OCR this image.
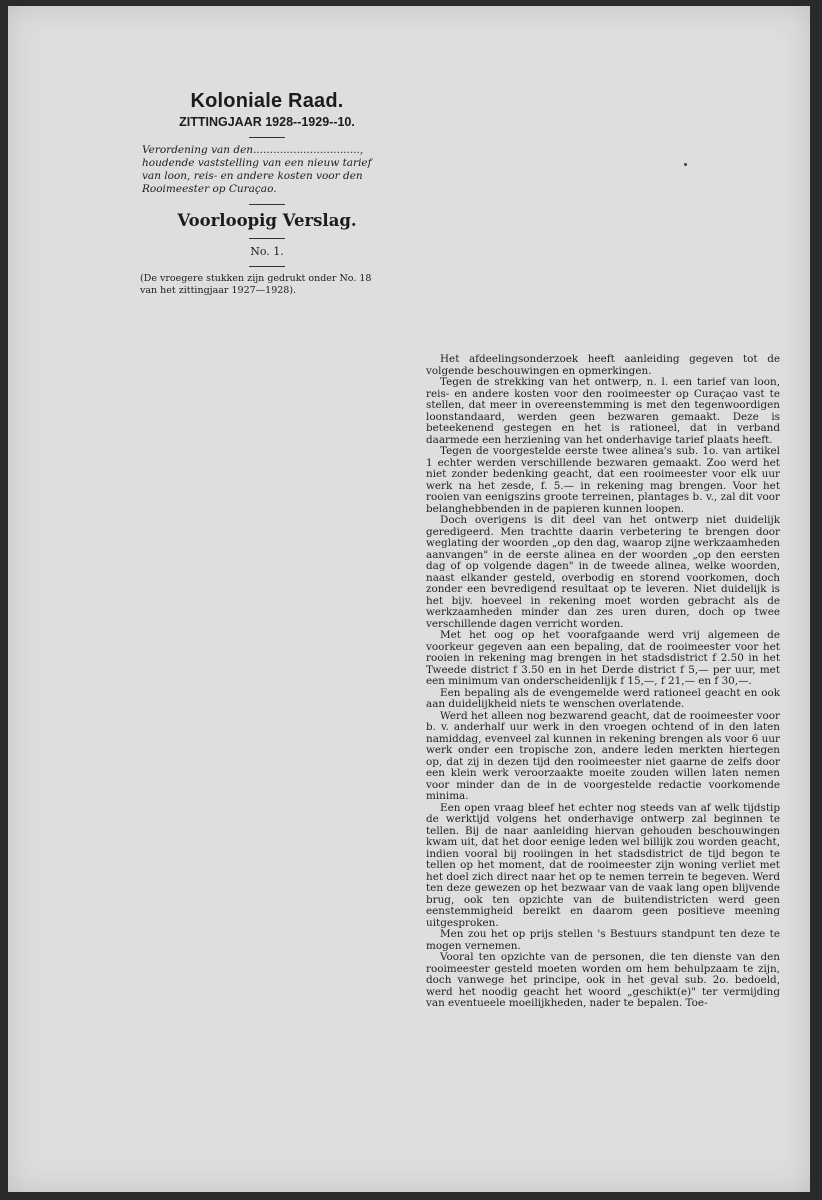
Koloniale Raad.
ZITTINGJAAR 1928--1929--10.
Verordening van den................................, houdende vaststelling van een nieuw tarief van loon, reis- en andere kosten voor den Rooimeester op Curaçao.
Voorloopig Verslag.
No. 1.
(De vroegere stukken zijn gedrukt onder No. 18 van het zittingjaar 1927—1928).

Het afdeelingsonderzoek heeft aanleiding gegeven tot de volgende beschouwingen en opmerkingen.

Tegen de strekking van het ontwerp, n. l. een tarief van loon, reis- en andere kosten voor den rooimeester op Curaçao vast te stellen, dat meer in overeenstemming is met den tegenwoordigen loonstandaard, werden geen bezwaren gemaakt. Deze is beteekenend gestegen en het is rationeel, dat in verband daarmede een herziening van het onderhavige tarief plaats heeft.

Tegen de voorgestelde eerste twee alinea's sub. 1o. van artikel 1 echter werden verschillende bezwaren gemaakt. Zoo werd het niet zonder bedenking geacht, dat een rooimeester voor elk uur werk na het zesde, f. 5.— in rekening mag brengen. Voor het rooien van eenigszins groote terreinen, plantages b. v., zal dit voor belanghebbenden in de papieren kunnen loopen.

Doch overigens is dit deel van het ontwerp niet duidelijk geredigeerd. Men trachtte daarin verbetering te brengen door weglating der woorden „op den dag, waarop zijne werkzaamheden aanvangen" in de eerste alinea en der woorden „op den eersten dag of op volgende dagen" in de tweede alinea, welke woorden, naast elkander gesteld, overbodig en storend voorkomen, doch zonder een bevredigend resultaat op te leveren. Niet duidelijk is het bijv. hoeveel in rekening moet worden gebracht als de werkzaamheden minder dan zes uren duren, doch op twee verschillende dagen verricht worden.

Met het oog op het voorafgaande werd vrij algemeen de voorkeur gegeven aan een bepaling, dat de rooimeester voor het rooien in rekening mag brengen in het stadsdistrict f 2.50 in het Tweede district f 3.50 en in het Derde district f 5,— per uur, met een minimum van onderscheidenlijk f 15,—, f 21,— en f 30,—.

Een bepaling als de evengemelde werd rationeel geacht en ook aan duidelijkheid niets te wenschen overlatende.

Werd het alleen nog bezwarend geacht, dat de rooimeester voor b. v. anderhalf uur werk in den vroegen ochtend of in den laten namiddag, evenveel zal kunnen in rekening brengen als voor 6 uur werk onder een tropische zon, andere leden merkten hiertegen op, dat zij in dezen tijd den rooimeester niet gaarne de zelfs door een klein werk veroorzaakte moeite zouden willen laten nemen voor minder dan de in de voorgestelde redactie voorkomende minima.

Een open vraag bleef het echter nog steeds van af welk tijdstip de werktijd volgens het onderhavige ontwerp zal beginnen te tellen. Bij de naar aanleiding hiervan gehouden beschouwingen kwam uit, dat het door eenige leden wel billijk zou worden geacht, indien vooral bij rooiingen in het stadsdistrict de tijd begon te tellen op het moment, dat de rooimeester zijn woning verliet met het doel zich direct naar het op te nemen terrein te begeven. Werd ten deze gewezen op het bezwaar van de vaak lang open blijvende brug, ook ten opzichte van de buitendistricten werd geen eenstemmigheid bereikt en daarom geen positieve meening uitgesproken.

Men zou het op prijs stellen 's Bestuurs standpunt ten deze te mogen vernemen.

Vooral ten opzichte van de personen, die ten dienste van den rooimeester gesteld moeten worden om hem behulpzaam te zijn, doch vanwege het principe, ook in het geval sub. 2o. bedoeld, werd het noodig geacht het woord „geschikt(e)" ter vermijding van eventueele moeilijkheden, nader te bepalen. Toe-
